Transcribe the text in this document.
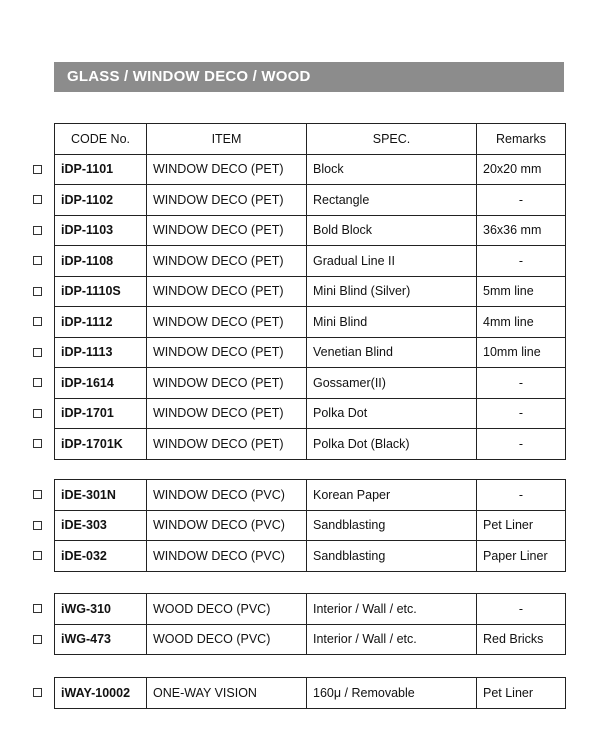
GLASS / WINDOW DECO / WOOD
CODE No.	ITEM	SPEC.	Remarks
iDP-1101	WINDOW DECO (PET)	Block	20x20 mm
iDP-1102	WINDOW DECO (PET)	Rectangle	-
iDP-1103	WINDOW DECO (PET)	Bold Block	36x36 mm
iDP-1108	WINDOW DECO (PET)	Gradual Line II	-
iDP-1110S	WINDOW DECO (PET)	Mini Blind (Silver)	5mm line
iDP-1112	WINDOW DECO (PET)	Mini Blind	4mm line
iDP-1113	WINDOW DECO (PET)	Venetian Blind	10mm line
iDP-1614	WINDOW DECO (PET)	Gossamer(II)	-
iDP-1701	WINDOW DECO (PET)	Polka Dot	-
iDP-1701K	WINDOW DECO (PET)	Polka Dot (Black)	-
iDE-301N	WINDOW DECO (PVC)	Korean Paper	-
iDE-303	WINDOW DECO (PVC)	Sandblasting	Pet Liner
iDE-032	WINDOW DECO (PVC)	Sandblasting	Paper Liner
iWG-310	WOOD DECO (PVC)	Interior / Wall / etc.	-
iWG-473	WOOD DECO (PVC)	Interior / Wall / etc.	Red Bricks
iWAY-10002	ONE-WAY VISION	160μ / Removable	Pet Liner
